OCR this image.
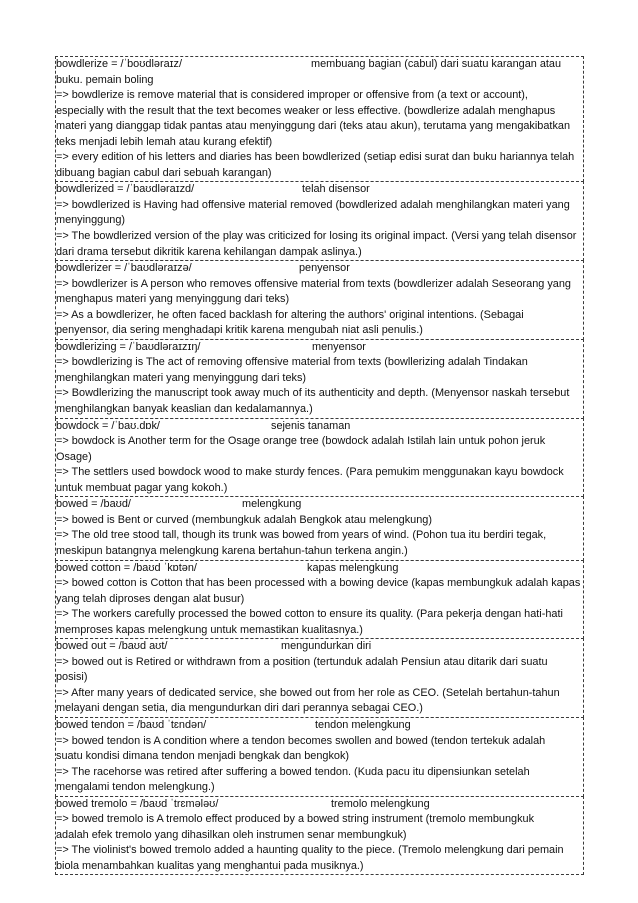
bowdlerize = /ˈboʊdləraɪz/	membuang bagian (cabul) dari suatu karangan atau
buku. pemain boling
=> bowdlerize is remove material that is considered improper or offensive from (a text or account),
especially with the result that the text becomes weaker or less effective. (bowdlerize adalah menghapus
materi yang dianggap tidak pantas atau menyinggung dari (teks atau akun), terutama yang mengakibatkan
teks menjadi lebih lemah atau kurang efektif)
=> every edition of his letters and diaries has been bowdlerized (setiap edisi surat dan buku hariannya telah
dibuang bagian cabul dari sebuah karangan)
bowdlerized = /ˈbaʊdlərаɪzd/	telah disensor
=> bowdlerized is Having had offensive material removed (bowdlerized adalah menghilangkan materi yang
menyinggung)
=> The bowdlerized version of the play was criticized for losing its original impact. (Versi yang telah disensor
dari drama tersebut dikritik karena kehilangan dampak aslinya.)
bowdlerizer = /ˈbaʊdləraɪzə/	penyensor
=> bowdlerizer is A person who removes offensive material from texts (bowdlerizer adalah Seseorang yang
menghapus materi yang menyinggung dari teks)
=> As a bowdlerizer, he often faced backlash for altering the authors' original intentions. (Sebagai
penyensor, dia sering menghadapi kritik karena mengubah niat asli penulis.)
bowdlerizing = /ˈbaʊdləraɪzɪŋ/	menyensor
=> bowdlerizing is The act of removing offensive material from texts (bowllerizing adalah Tindakan
menghilangkan materi yang menyinggung dari teks)
=> Bowdlerizing the manuscript took away much of its authenticity and depth. (Menyensor naskah tersebut
menghilangkan banyak keaslian dan kedalamannya.)
bowdock = /ˈbaʊ.dɒk/	sejenis tanaman
=> bowdock is Another term for the Osage orange tree (bowdock adalah Istilah lain untuk pohon jeruk
Osage)
=> The settlers used bowdock wood to make sturdy fences. (Para pemukim menggunakan kayu bowdock
untuk membuat pagar yang kokoh.)
bowed = /baʊd/	melengkung
=> bowed is Bent or curved (membungkuk adalah Bengkok atau melengkung)
=> The old tree stood tall, though its trunk was bowed from years of wind. (Pohon tua itu berdiri tegak,
meskipun batangnya melengkung karena bertahun-tahun terkena angin.)
bowed cotton = /baʊd ˈkɒtən/	kapas melengkung
=> bowed cotton is Cotton that has been processed with a bowing device (kapas membungkuk adalah kapas
yang telah diproses dengan alat busur)
=> The workers carefully processed the bowed cotton to ensure its quality. (Para pekerja dengan hati-hati
memproses kapas melengkung untuk memastikan kualitasnya.)
bowed out = /baʊd aʊt/	mengundurkan diri
=> bowed out is Retired or withdrawn from a position (tertunduk adalah Pensiun atau ditarik dari suatu
posisi)
=> After many years of dedicated service, she bowed out from her role as CEO. (Setelah bertahun-tahun
melayani dengan setia, dia mengundurkan diri dari perannya sebagai CEO.)
bowed tendon = /baʊd ˈtɛndən/	tendon melengkung
=> bowed tendon is A condition where a tendon becomes swollen and bowed (tendon tertekuk adalah
suatu kondisi dimana tendon menjadi bengkak dan bengkok)
=> The racehorse was retired after suffering a bowed tendon. (Kuda pacu itu dipensiunkan setelah
mengalami tendon melengkung.)
bowed tremolo = /baʊd ˈtrɛmələʊ/	tremolo melengkung
=> bowed tremolo is A tremolo effect produced by a bowed string instrument (tremolo membungkuk
adalah efek tremolo yang dihasilkan oleh instrumen senar membungkuk)
=> The violinist's bowed tremolo added a haunting quality to the piece. (Tremolo melengkung dari pemain
biola menambahkan kualitas yang menghantui pada musiknya.)
